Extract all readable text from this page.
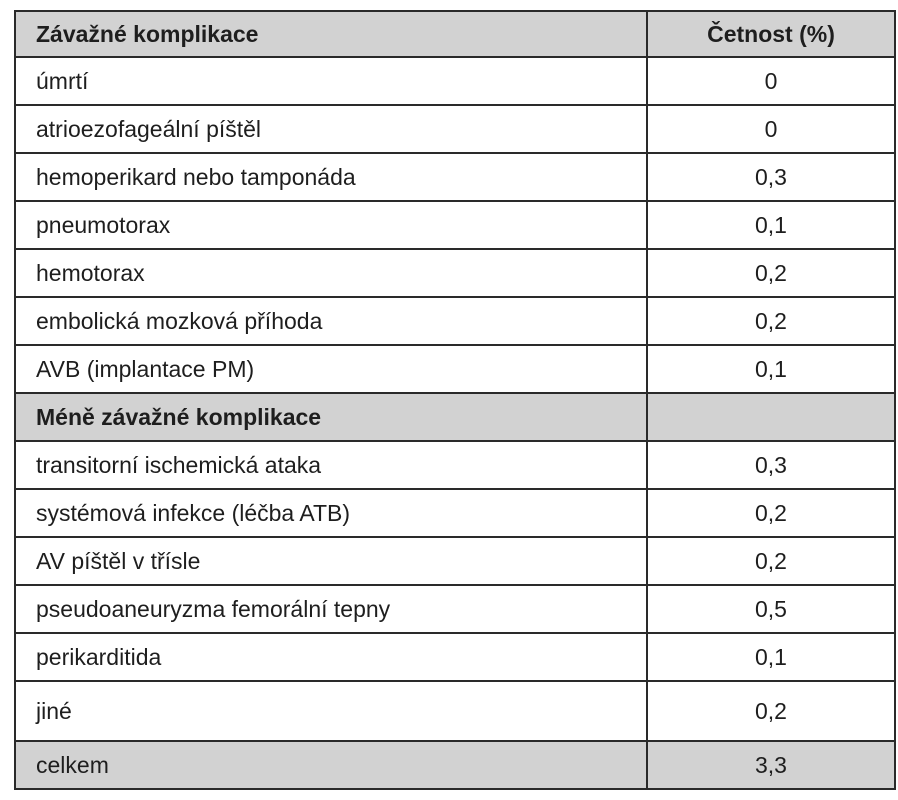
Závažné komplikace	Četnost (%)
úmrtí	0
atrioezofageální píštěl	0
hemoperikard nebo tamponáda	0,3
pneumotorax	0,1
hemotorax	0,2
embolická mozková příhoda	0,2
AVB (implantace PM)	0,1
Méně závažné komplikace	
transitorní ischemická ataka	0,3
systémová infekce (léčba ATB)	0,2
AV píštěl v třísle	0,2
pseudoaneuryzma femorální tepny	0,5
perikarditida	0,1
jiné	0,2
celkem	3,3
